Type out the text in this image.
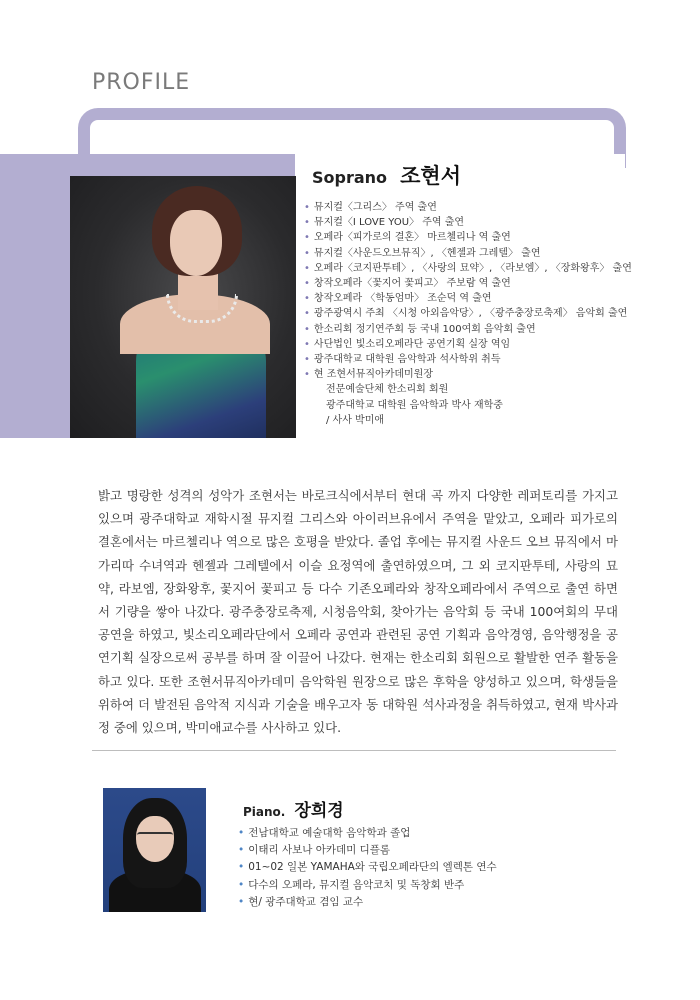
PROFILE
Soprano 조현서
• 뮤지컬〈그리스〉 주역 출연
• 뮤지컬〈I LOVE YOU〉 주역 출연
• 오페라〈피가로의 결혼〉 마르첼리나 역 출연
• 뮤지컬〈사운드오브뮤직〉, 〈헨젤과 그레텔〉 출연
• 오페라〈코지판투테〉, 〈사랑의 묘약〉, 〈라보엠〉, 〈장화왕후〉 출연
• 창작오페라〈꽃지어 꽃피고〉 주보람 역 출연
• 창작오페라 〈학동엄마〉 조순덕 역 출연
• 광주광역시 주최 〈시청 아외음악당〉, 〈광주충장로축제〉 음악회 출연
• 한소리회 정기연주회 등 국내 100여회 음악회 출연
• 사단법인 빛소리오페라단 공연기획 실장 역임
• 광주대학교 대학원 음악학과 석사학위 취득
• 현 조현서뮤직아카데미원장
전문예술단체 한소리회 회원
광주대학교 대학원 음악학과 박사 재학중
/ 사사 박미애

밝고 명랑한 성격의 성악가 조현서는 바로크식에서부터 현대 곡 까지 다양한 레퍼토리를 가지고 있으며 광주대학교 재학시절 뮤지컬 그리스와 아이러브유에서 주역을 맡았고, 오페라 피가로의 결혼에서는 마르첼리나 역으로 많은 호평을 받았다. 졸업 후에는 뮤지컬 사운드 오브 뮤직에서 마가리따 수녀역과 헨젤과 그레텔에서 이슬 요정역에 출연하였으며, 그 외 코지판투테, 사랑의 묘약, 라보엠, 장화왕후, 꽃지어 꽃피고 등 다수 기존오페라와 창작오페라에서 주역으로 출연 하면서 기량을 쌓아 나갔다. 광주충장로축제, 시청음악회, 찾아가는 음악회 등 국내 100여회의 무대공연을 하였고, 빛소리오페라단에서 오페라 공연과 관련된 공연 기획과 음악경영, 음악행정을 공연기획 실장으로써 공부를 하며 잘 이끌어 나갔다. 현재는 한소리회 회원으로 활발한 연주 활동을 하고 있다. 또한 조현서뮤직아카데미 음악학원 원장으로 많은 후학을 양성하고 있으며, 학생들을 위하여 더 발전된 음악적 지식과 기술을 배우고자 동 대학원 석사과정을 취득하였고, 현재 박사과정 중에 있으며, 박미애교수를 사사하고 있다.

Piano. 장희경
• 전남대학교 예술대학 음악학과 졸업
• 이태리 사보나 아카데미 디플롬
• 01~02 일본 YAMAHA와 국립오페라단의 엘렉톤 연수
• 다수의 오페라, 뮤지컬 음악코치 및 독창회 반주
• 현/ 광주대학교 겸임 교수
